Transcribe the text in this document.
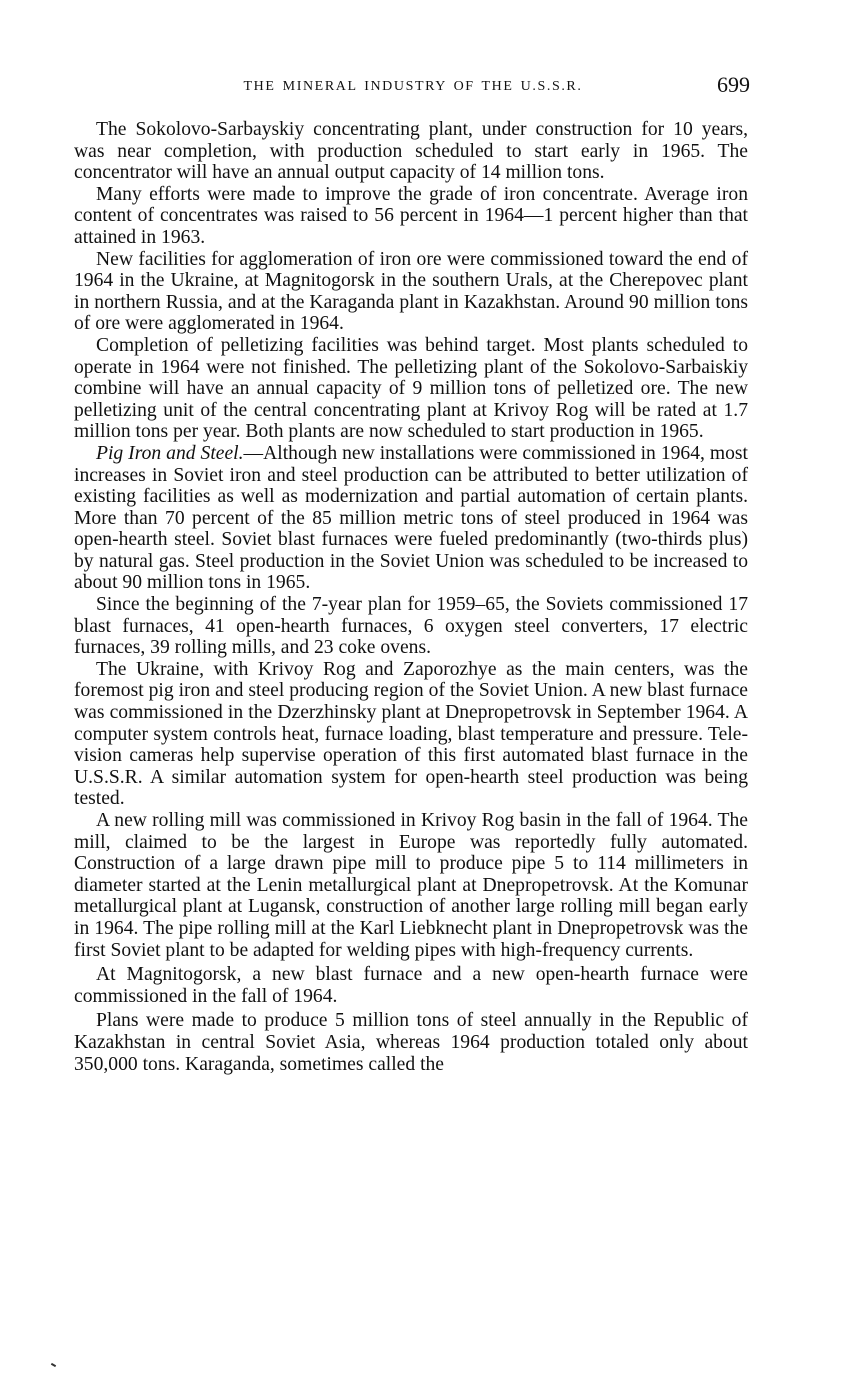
THE MINERAL INDUSTRY OF THE U.S.S.R.	699

The Sokolovo-Sarbayskiy concentrating plant, under construction for 10 years, was near completion, with production scheduled to start early in 1965. The concentrator will have an annual output capacity of 14 million tons.

Many efforts were made to improve the grade of iron concentrate. Average iron content of concentrates was raised to 56 percent in 1964—1 percent higher than that attained in 1963.

New facilities for agglomeration of iron ore were commissioned toward the end of 1964 in the Ukraine, at Magnitogorsk in the southern Urals, at the Cherepovec plant in northern Russia, and at the Karaganda plant in Kazakhstan. Around 90 million tons of ore were agglomerated in 1964.

Completion of pelletizing facilities was behind target. Most plants scheduled to operate in 1964 were not finished. The pelletizing plant of the Sokolovo-Sarbaiskiy combine will have an annual capacity of 9 million tons of pelletized ore. The new pelletizing unit of the central concentrating plant at Krivoy Rog will be rated at 1.7 million tons per year. Both plants are now scheduled to start production in 1965.

Pig Iron and Steel.—Although new installations were commissioned in 1964, most increases in Soviet iron and steel production can be attributed to better utilization of existing facilities as well as modernization and partial automation of certain plants. More than 70 percent of the 85 million metric tons of steel produced in 1964 was open-hearth steel. Soviet blast furnaces were fueled predominantly (two-thirds plus) by natural gas. Steel production in the Soviet Union was scheduled to be increased to about 90 million tons in 1965.

Since the beginning of the 7-year plan for 1959–65, the Soviets commissioned 17 blast furnaces, 41 open-hearth furnaces, 6 oxygen steel converters, 17 electric furnaces, 39 rolling mills, and 23 coke ovens.

The Ukraine, with Krivoy Rog and Zaporozhye as the main centers, was the foremost pig iron and steel producing region of the Soviet Union. A new blast furnace was commissioned in the Dzerzhinsky plant at Dnepropetrovsk in September 1964. A computer system controls heat, furnace loading, blast temperature and pressure. Television cameras help supervise operation of this first automated blast furnace in the U.S.S.R. A similar automation system for open-hearth steel production was being tested.

A new rolling mill was commissioned in Krivoy Rog basin in the fall of 1964. The mill, claimed to be the largest in Europe was reportedly fully automated. Construction of a large drawn pipe mill to produce pipe 5 to 114 millimeters in diameter started at the Lenin metallurgical plant at Dnepropetrovsk. At the Komunar metallurgical plant at Lugansk, construction of another large rolling mill began early in 1964. The pipe rolling mill at the Karl Liebknecht plant in Dnepropetrovsk was the first Soviet plant to be adapted for welding pipes with high-frequency currents.

At Magnitogorsk, a new blast furnace and a new open-hearth furnace were commissioned in the fall of 1964.

Plans were made to produce 5 million tons of steel annually in the Republic of Kazakhstan in central Soviet Asia, whereas 1964 production totaled only about 350,000 tons. Karaganda, sometimes called the
